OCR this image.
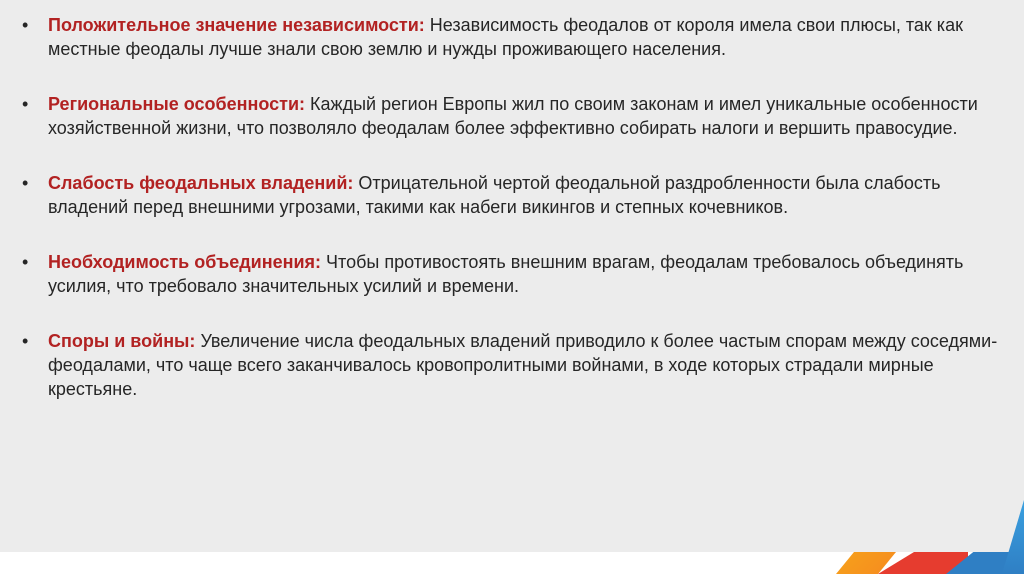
• Положительное значение независимости: Независимость феодалов от короля имела свои плюсы, так как местные феодалы лучше знали свою землю и нужды проживающего населения.
• Региональные особенности: Каждый регион Европы жил по своим законам и имел уникальные особенности хозяйственной жизни, что позволяло феодалам более эффективно собирать налоги и вершить правосудие.
• Слабость феодальных владений: Отрицательной чертой феодальной раздробленности была слабость владений перед внешними угрозами, такими как набеги викингов и степных кочевников.
• Необходимость объединения: Чтобы противостоять внешним врагам, феодалам требовалось объединять усилия, что требовало значительных усилий и времени.
• Споры и войны: Увеличение числа феодальных владений приводило к более частым спорам между соседями-феодалами, что чаще всего заканчивалось кровопролитными войнами, в ходе которых страдали мирные крестьяне.
